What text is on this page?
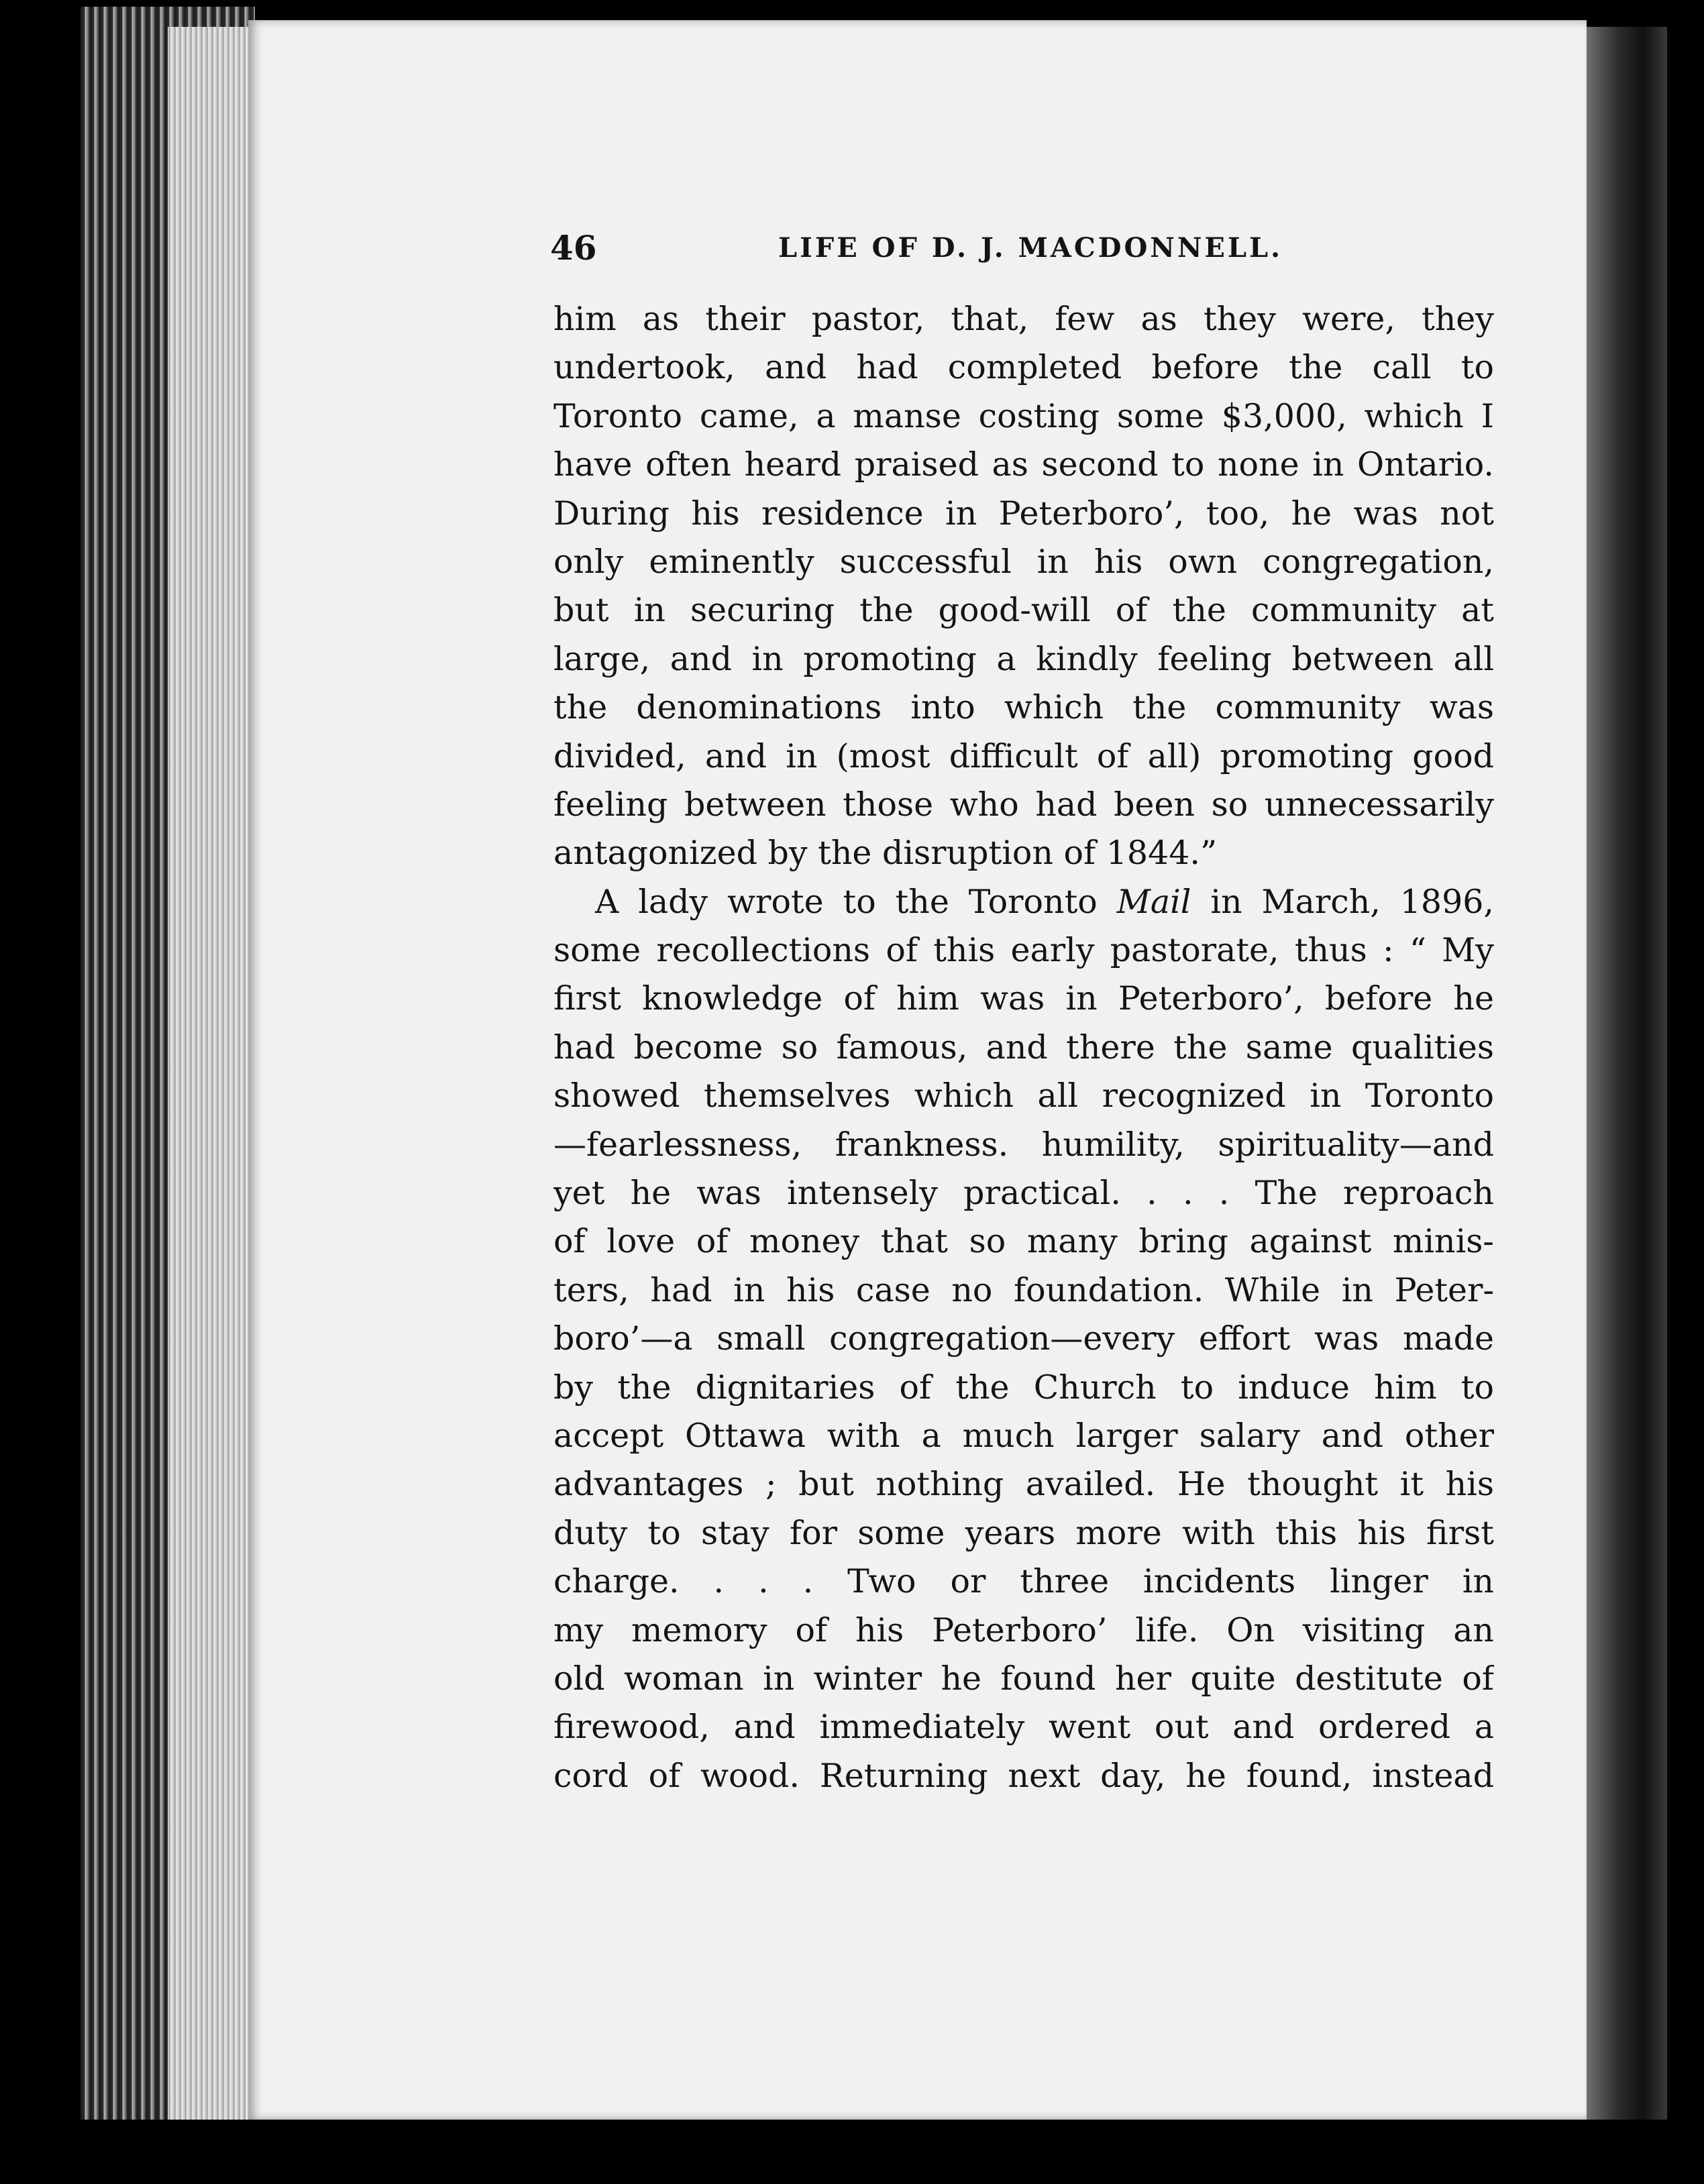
46	LIFE OF D. J. MACDONNELL.
him as their pastor, that, few as they were, they
undertook, and had completed before the call to
Toronto came, a manse costing some $3,000, which I
have often heard praised as second to none in Ontario.
During his residence in Peterboro’, too, he was not
only eminently successful in his own congregation,
but in securing the good-will of the community at
large, and in promoting a kindly feeling between all
the denominations into which the community was
divided, and in (most difficult of all) promoting good
feeling between those who had been so unnecessarily
antagonized by the disruption of 1844.”
A lady wrote to the Toronto Mail in March, 1896,
some recollections of this early pastorate, thus : “ My
first knowledge of him was in Peterboro’, before he
had become so famous, and there the same qualities
showed themselves which all recognized in Toronto
—fearlessness, frankness. humility, spirituality—and
yet he was intensely practical. . . . The reproach
of love of money that so many bring against minis-
ters, had in his case no foundation. While in Peter-
boro’—a small congregation—every effort was made
by the dignitaries of the Church to induce him to
accept Ottawa with a much larger salary and other
advantages ; but nothing availed. He thought it his
duty to stay for some years more with this his first
charge. . . . Two or three incidents linger in
my memory of his Peterboro’ life. On visiting an
old woman in winter he found her quite destitute of
firewood, and immediately went out and ordered a
cord of wood. Returning next day, he found, instead
